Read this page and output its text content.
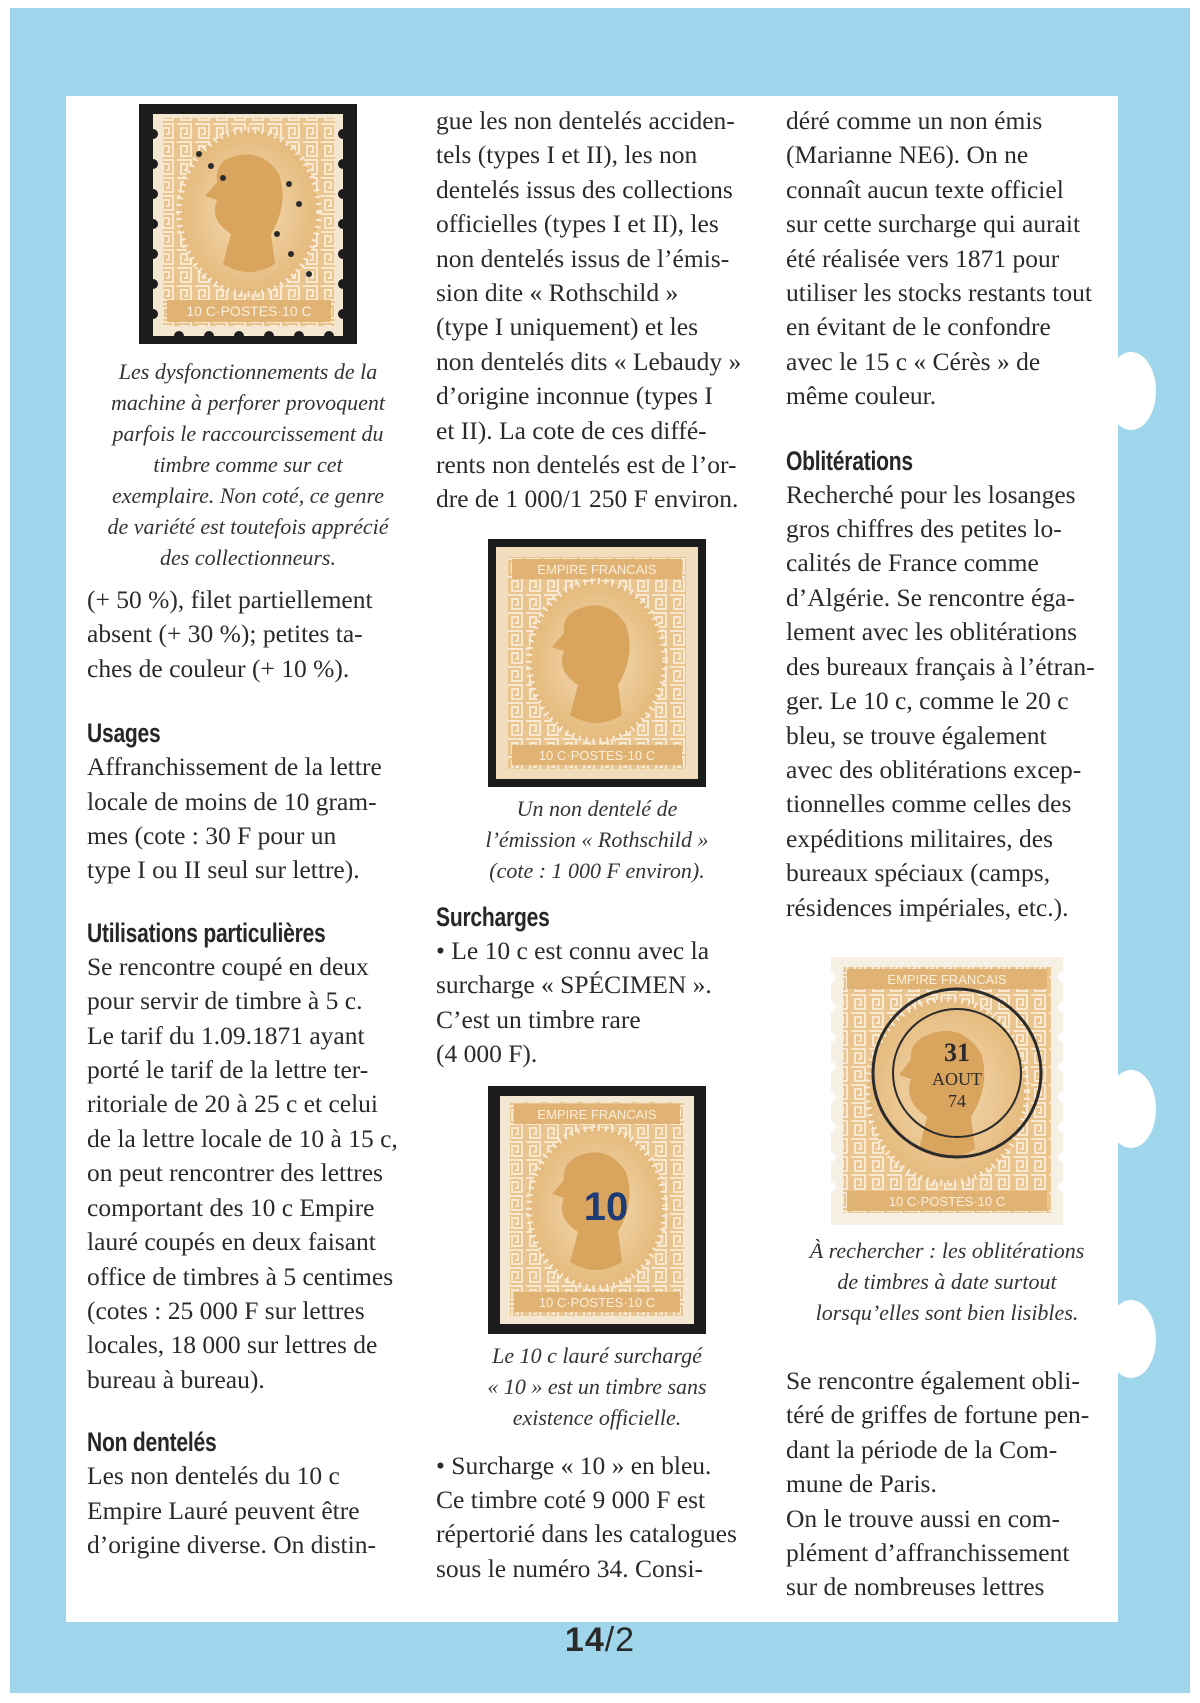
10 C·POSTES·10 C

Les dysfonctionnements de la
machine à perforer provoquent
parfois le raccourcissement du
timbre comme sur cet
exemplaire. Non coté, ce genre
de variété est toutefois apprécié
des collectionneurs.

(+ 50 %), filet partiellement
absent (+ 30 %); petites ta-
ches de couleur (+ 10 %).

Usages

Affranchissement de la lettre
locale de moins de 10 gram-
mes (cote : 30 F pour un
type I ou II seul sur lettre).

Utilisations particulières

Se rencontre coupé en deux
pour servir de timbre à 5 c.
Le tarif du 1.09.1871 ayant
porté le tarif de la lettre ter-
ritoriale de 20 à 25 c et celui
de la lettre locale de 10 à 15 c,
on peut rencontrer des lettres
comportant des 10 c Empire
lauré coupés en deux faisant
office de timbres à 5 centimes
(cotes : 25 000 F sur lettres
locales, 18 000 sur lettres de
bureau à bureau).

Non dentelés

Les non dentelés du 10 c
Empire Lauré peuvent être
d’origine diverse. On distin-

gue les non dentelés acciden-
tels (types I et II), les non
dentelés issus des collections
officielles (types I et II), les
non dentelés issus de l’émis-
sion dite « Rothschild »
(type I uniquement) et les
non dentelés dits « Lebaudy »
d’origine inconnue (types I
et II). La cote de ces diffé-
rents non dentelés est de l’or-
dre de 1 000/1 250 F environ.

EMPIRE FRANCAIS
10 C·POSTES·10 C

Un non dentelé de
l’émission « Rothschild »
(cote : 1 000 F environ).

Surcharges

• Le 10 c est connu avec la
surcharge « SPÉCIMEN ».
C’est un timbre rare
(4 000 F).

EMPIRE FRANCAIS
10
10 C·POSTES·10 C

Le 10 c lauré surchargé
« 10 » est un timbre sans
existence officielle.

• Surcharge « 10 » en bleu.
Ce timbre coté 9 000 F est
répertorié dans les catalogues
sous le numéro 34. Consi-

déré comme un non émis
(Marianne NE6). On ne
connaît aucun texte officiel
sur cette surcharge qui aurait
été réalisée vers 1871 pour
utiliser les stocks restants tout
en évitant de le confondre
avec le 15 c « Cérès » de
même couleur.

Oblitérations

Recherché pour les losanges
gros chiffres des petites lo-
calités de France comme
d’Algérie. Se rencontre éga-
lement avec les oblitérations
des bureaux français à l’étran-
ger. Le 10 c, comme le 20 c
bleu, se trouve également
avec des oblitérations excep-
tionnelles comme celles des
expéditions militaires, des
bureaux spéciaux (camps,
résidences impériales, etc.).

EMPIRE FRANCAIS
31
AOUT
74
10 C·POSTES·10 C

À rechercher : les oblitérations
de timbres à date surtout
lorsqu’elles sont bien lisibles.

Se rencontre également obli-
téré de griffes de fortune pen-
dant la période de la Com-
mune de Paris.
On le trouve aussi en com-
plément d’affranchissement
sur de nombreuses lettres

14/2
